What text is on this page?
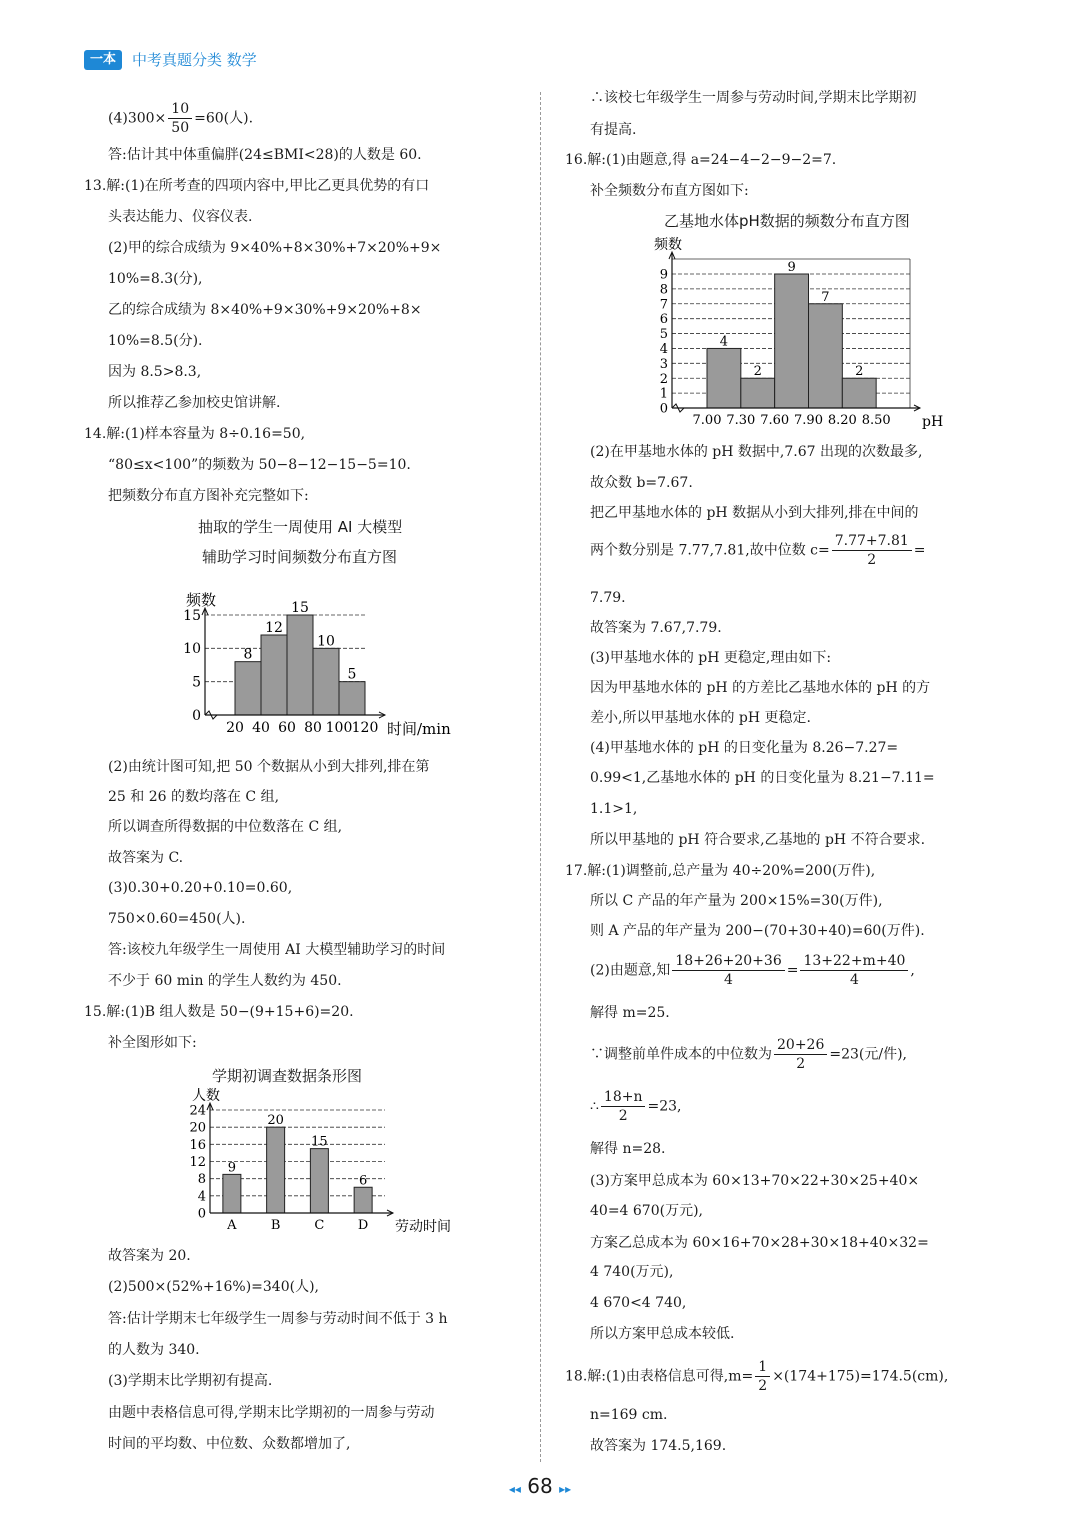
一本	中考真题分类 数学
$(4)300\times \frac{10}{50} =60$(人).
答:估计其中体重偏胖(24≤BMI<28)的人数是 60.
13.解:(1)在所考查的四项内容中,甲比乙更具优势的有口
头表达能力、仪容仪表.
(2)甲的综合成绩为 9×40%+8×30%+7×20%+9×
10%=8.3(分),
乙的综合成绩为 8×40%+9×30%+9×20%+8×
10%=8.5(分).
因为 8.5>8.3,
所以推荐乙参加校史馆讲解.
14.解:(1)样本容量为 8÷0.16=50,
“80≤x<100”的频数为 50−8−12−15−5=10.
把频数分布直方图补充完整如下:
抽取的学生一周使用 AI 大模型
辅助学习时间频数分布直方图
0
5
10
15
8
12
15
10
5
20 40 60 80 100 120
频数
时间/min
(2)由统计图可知,把 50 个数据从小到大排列,排在第
25 和 26 的数均落在 C 组,
所以调查所得数据的中位数落在 C 组,
故答案为 C.
(3)0.30+0.20+0.10=0.60,
750×0.60=450(人).
答:该校九年级学生一周使用 AI 大模型辅助学习的时间
不少于 60 min 的学生人数约为 450.
15.解:(1)B 组人数是 50−(9+15+6)=20.
补全图形如下:
学期初调查数据条形图
0
4
8
12
16
20
24
9
20
15
6
A	B	C	D
人数
劳动时间
故答案为 20.
(2)500×(52%+16%)=340(人),
答:估计学期末七年级学生一周参与劳动时间不低于 3 h
的人数为 340.
(3)学期末比学期初有提高.
由题中表格信息可得,学期末比学期初的一周参与劳动
时间的平均数、中位数、众数都增加了,
∴该校七年级学生一周参与劳动时间,学期末比学期初
有提高.
16.解:(1)由题意,得 a=24−4−2−9−2=7.
补全频数分布直方图如下:
乙基地水体pH数据的频数分布直方图
0
1
2
3
4
5
6
7
8
9
4
2
9
7
2
7.00 7.30 7.60 7.90 8.20 8.50
频数
pH
(2)在甲基地水体的 pH 数据中,7.67 出现的次数最多,
故众数 b=7.67.
把乙甲基地水体的 pH 数据从小到大排列,排在中间的
两个数分别是 7.77,7.81,故中位数 $c= \frac{7.77+7.81}{2}$ =
7.79.
故答案为 7.67,7.79.
(3)甲基地水体的 pH 更稳定,理由如下:
因为甲基地水体的 pH 的方差比乙基地水体的 pH 的方
差小,所以甲基地水体的 pH 更稳定.
(4)甲基地水体的 pH 的日变化量为 8.26−7.27=
0.99<1,乙基地水体的 pH 的日变化量为 8.21−7.11=
1.1>1,
所以甲基地的 pH 符合要求,乙基地的 pH 不符合要求.
17.解:(1)调整前,总产量为 40÷20%=200(万件),
所以 C 产品的年产量为 200×15%=30(万件),
则 A 产品的年产量为 200−(70+30+40)=60(万件).
(2)由题意,知 $\frac{18+26+20+36}{4} = \frac{13+22+m+40}{4}$ ,
解得 m=25.
∵调整前单件成本的中位数为 $\frac{20+26}{2} =23$(元/件),
∴ $\frac{18+n}{2} =23$,
解得 n=28.
(3)方案甲总成本为 60×13+70×22+30×25+40×
40=4 670(万元),
方案乙总成本为 60×16+70×28+30×18+40×32=
4 740(万元),
4 670<4 740,
所以方案甲总成本较低.
18.解:(1)由表格信息可得$,m= \frac{1}{2} \times(174+175)=174.5(cm)$,
n=169 cm.
故答案为 174.5,169.
◂◂ 68 ▸▸
